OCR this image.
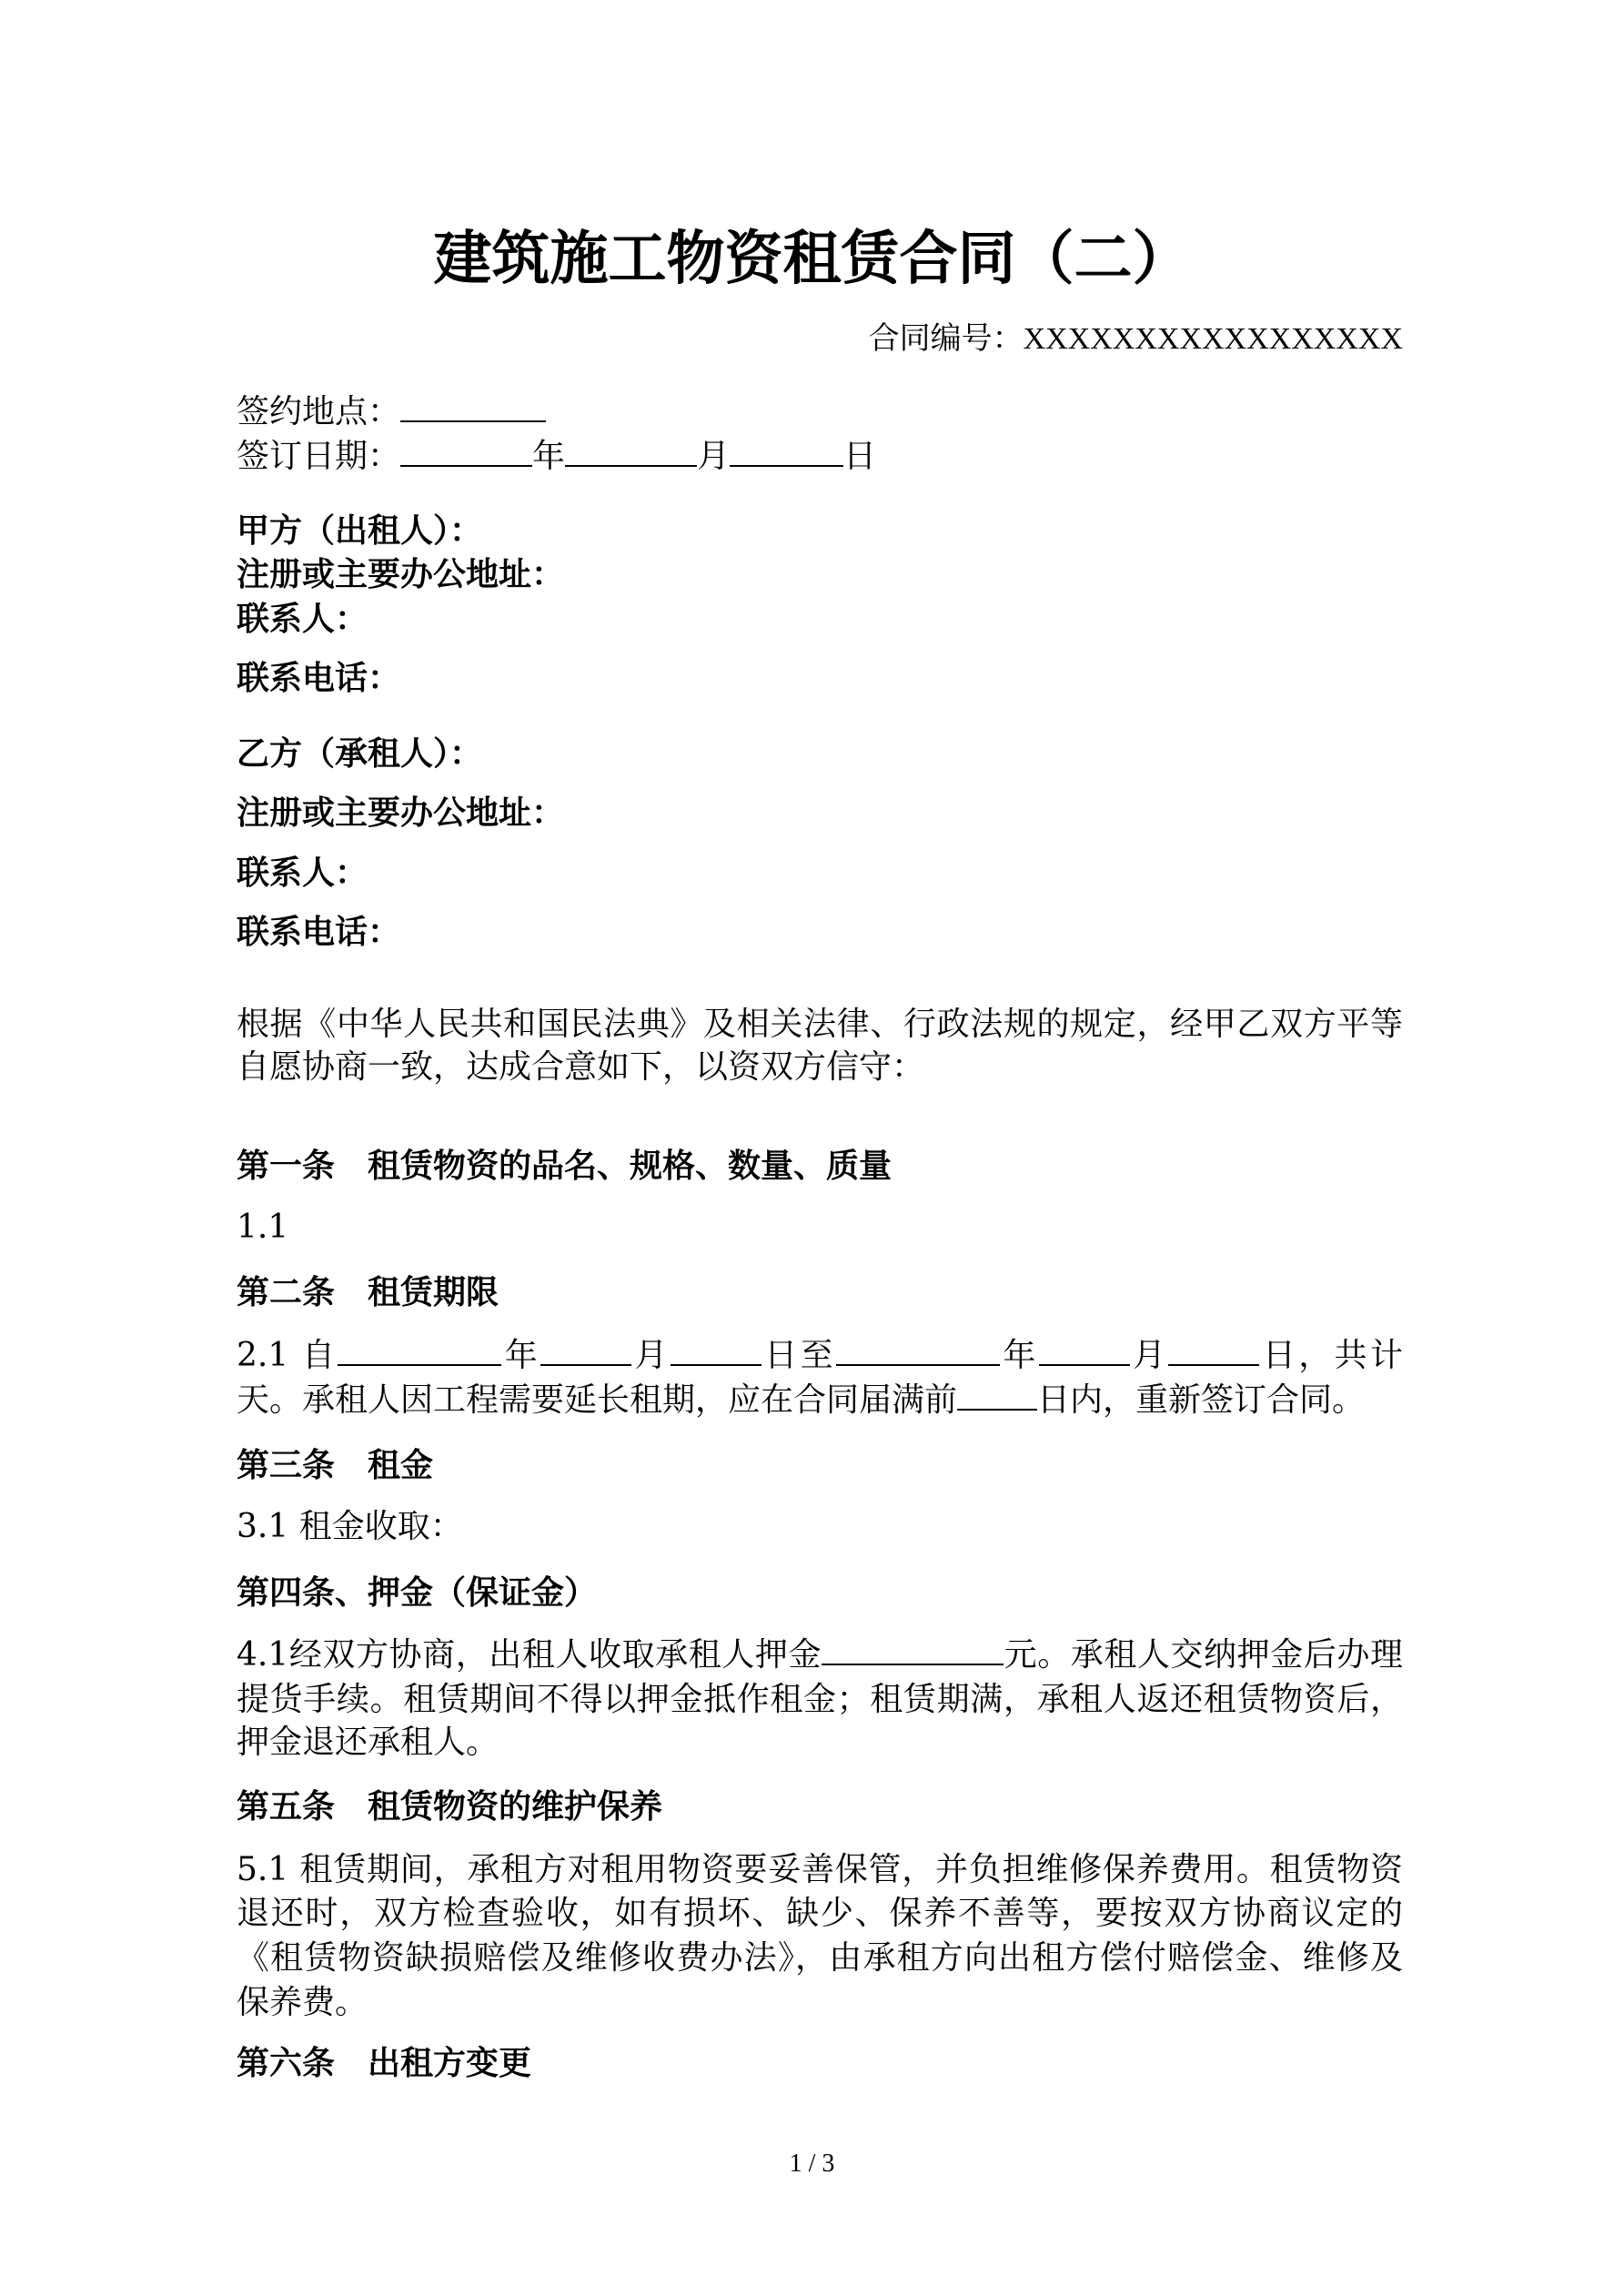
建筑施工物资租赁合同（二）
合同编号：XXXXXXXXXXXXXXXXX
签约地点：
签订日期：	年	月	日
甲方（出租人）：
注册或主要办公地址：
联系人：
联系电话：
乙方（承租人）：
注册或主要办公地址：
联系人：
联系电话：
根据《中华人民共和国民法典》及相关法律、行政法规的规定，经甲乙双方平等
自愿协商一致，达成合意如下，以资双方信守：
第一条 租赁物资的品名、规格、数量、质量
1.1
第二条 租赁期限
2.1 自	年	月	日至	年	月	日，共计
天。承租人因工程需要延长租期，应在合同届满前 日内，重新签订合同。
第三条 租金
3.1 租金收取：
第四条、押金（保证金）
4.1经双方协商，出租人收取承租人押金	元。承租人交纳押金后办理
提货手续。租赁期间不得以押金抵作租金；租赁期满，承租人返还租赁物资后，
押金退还承租人。
第五条 租赁物资的维护保养
5.1 租赁期间，承租方对租用物资要妥善保管，并负担维修保养费用。租赁物资
退还时，双方检查验收，如有损坏、缺少、保养不善等，要按双方协商议定的
《租赁物资缺损赔偿及维修收费办法》，由承租方向出租方偿付赔偿金、维修及
保养费。
第六条 出租方变更
1 / 3
